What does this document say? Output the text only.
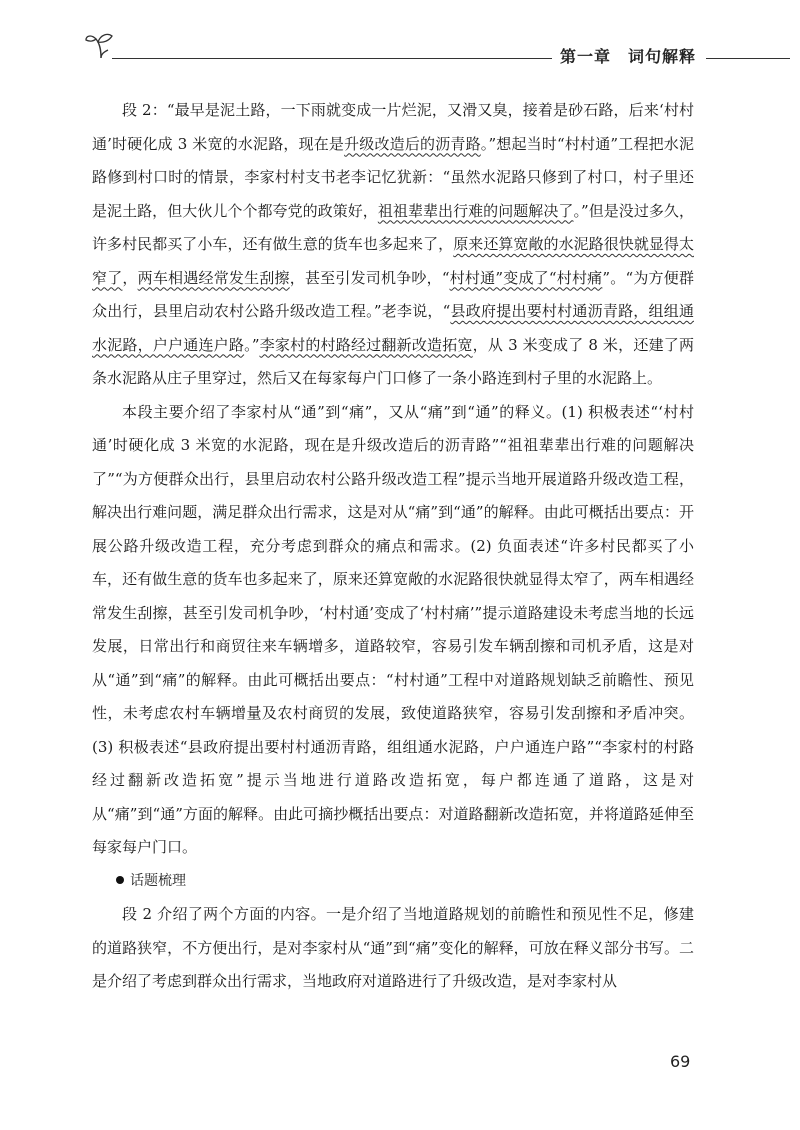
第一章　词句解释

段 2：“最早是泥土路，一下雨就变成一片烂泥，又滑又臭，接着是砂石路，后来‘村村通’时硬化成 3 米宽的水泥路，现在是升级改造后的沥青路。”想起当时“村村通”工程把水泥路修到村口时的情景，李家村村支书老李记忆犹新：“虽然水泥路只修到了村口，村子里还是泥土路，但大伙儿个个都夸党的政策好，祖祖辈辈出行难的问题解决了。”但是没过多久，许多村民都买了小车，还有做生意的货车也多起来了，原来还算宽敞的水泥路很快就显得太窄了，两车相遇经常发生刮擦，甚至引发司机争吵，“村村通”变成了“村村痛”。“为方便群众出行，县里启动农村公路升级改造工程。”老李说，“县政府提出要村村通沥青路，组组通水泥路，户户通连户路。”李家村的村路经过翻新改造拓宽，从 3 米变成了 8 米，还建了两条水泥路从庄子里穿过，然后又在每家每户门口修了一条小路连到村子里的水泥路上。

本段主要介绍了李家村从“通”到“痛”，又从“痛”到“通”的释义。(1) 积极表述“‘村村通’时硬化成 3 米宽的水泥路，现在是升级改造后的沥青路”“祖祖辈辈出行难的问题解决了”“为方便群众出行，县里启动农村公路升级改造工程”提示当地开展道路升级改造工程，解决出行难问题，满足群众出行需求，这是对从“痛”到“通”的解释。由此可概括出要点：开展公路升级改造工程，充分考虑到群众的痛点和需求。(2) 负面表述“许多村民都买了小车，还有做生意的货车也多起来了，原来还算宽敞的水泥路很快就显得太窄了，两车相遇经常发生刮擦，甚至引发司机争吵，‘村村通’变成了‘村村痛’”提示道路建设未考虑当地的长远发展，日常出行和商贸往来车辆增多，道路较窄，容易引发车辆刮擦和司机矛盾，这是对从“通”到“痛”的解释。由此可概括出要点：“村村通”工程中对道路规划缺乏前瞻性、预见性，未考虑农村车辆增量及农村商贸的发展，致使道路狭窄，容易引发刮擦和矛盾冲突。(3) 积极表述“县政府提出要村村通沥青路，组组通水泥路，户户通连户路”“李家村的村路经过翻新改造拓宽”提示当地进行道路改造拓宽，每户都连通了道路，这是对从“痛”到“通”方面的解释。由此可摘抄概括出要点：对道路翻新改造拓宽，并将道路延伸至每家每户门口。

话题梳理

段 2 介绍了两个方面的内容。一是介绍了当地道路规划的前瞻性和预见性不足，修建的道路狭窄，不方便出行，是对李家村从“通”到“痛”变化的解释，可放在释义部分书写。二是介绍了考虑到群众出行需求，当地政府对道路进行了升级改造，是对李家村从

69
